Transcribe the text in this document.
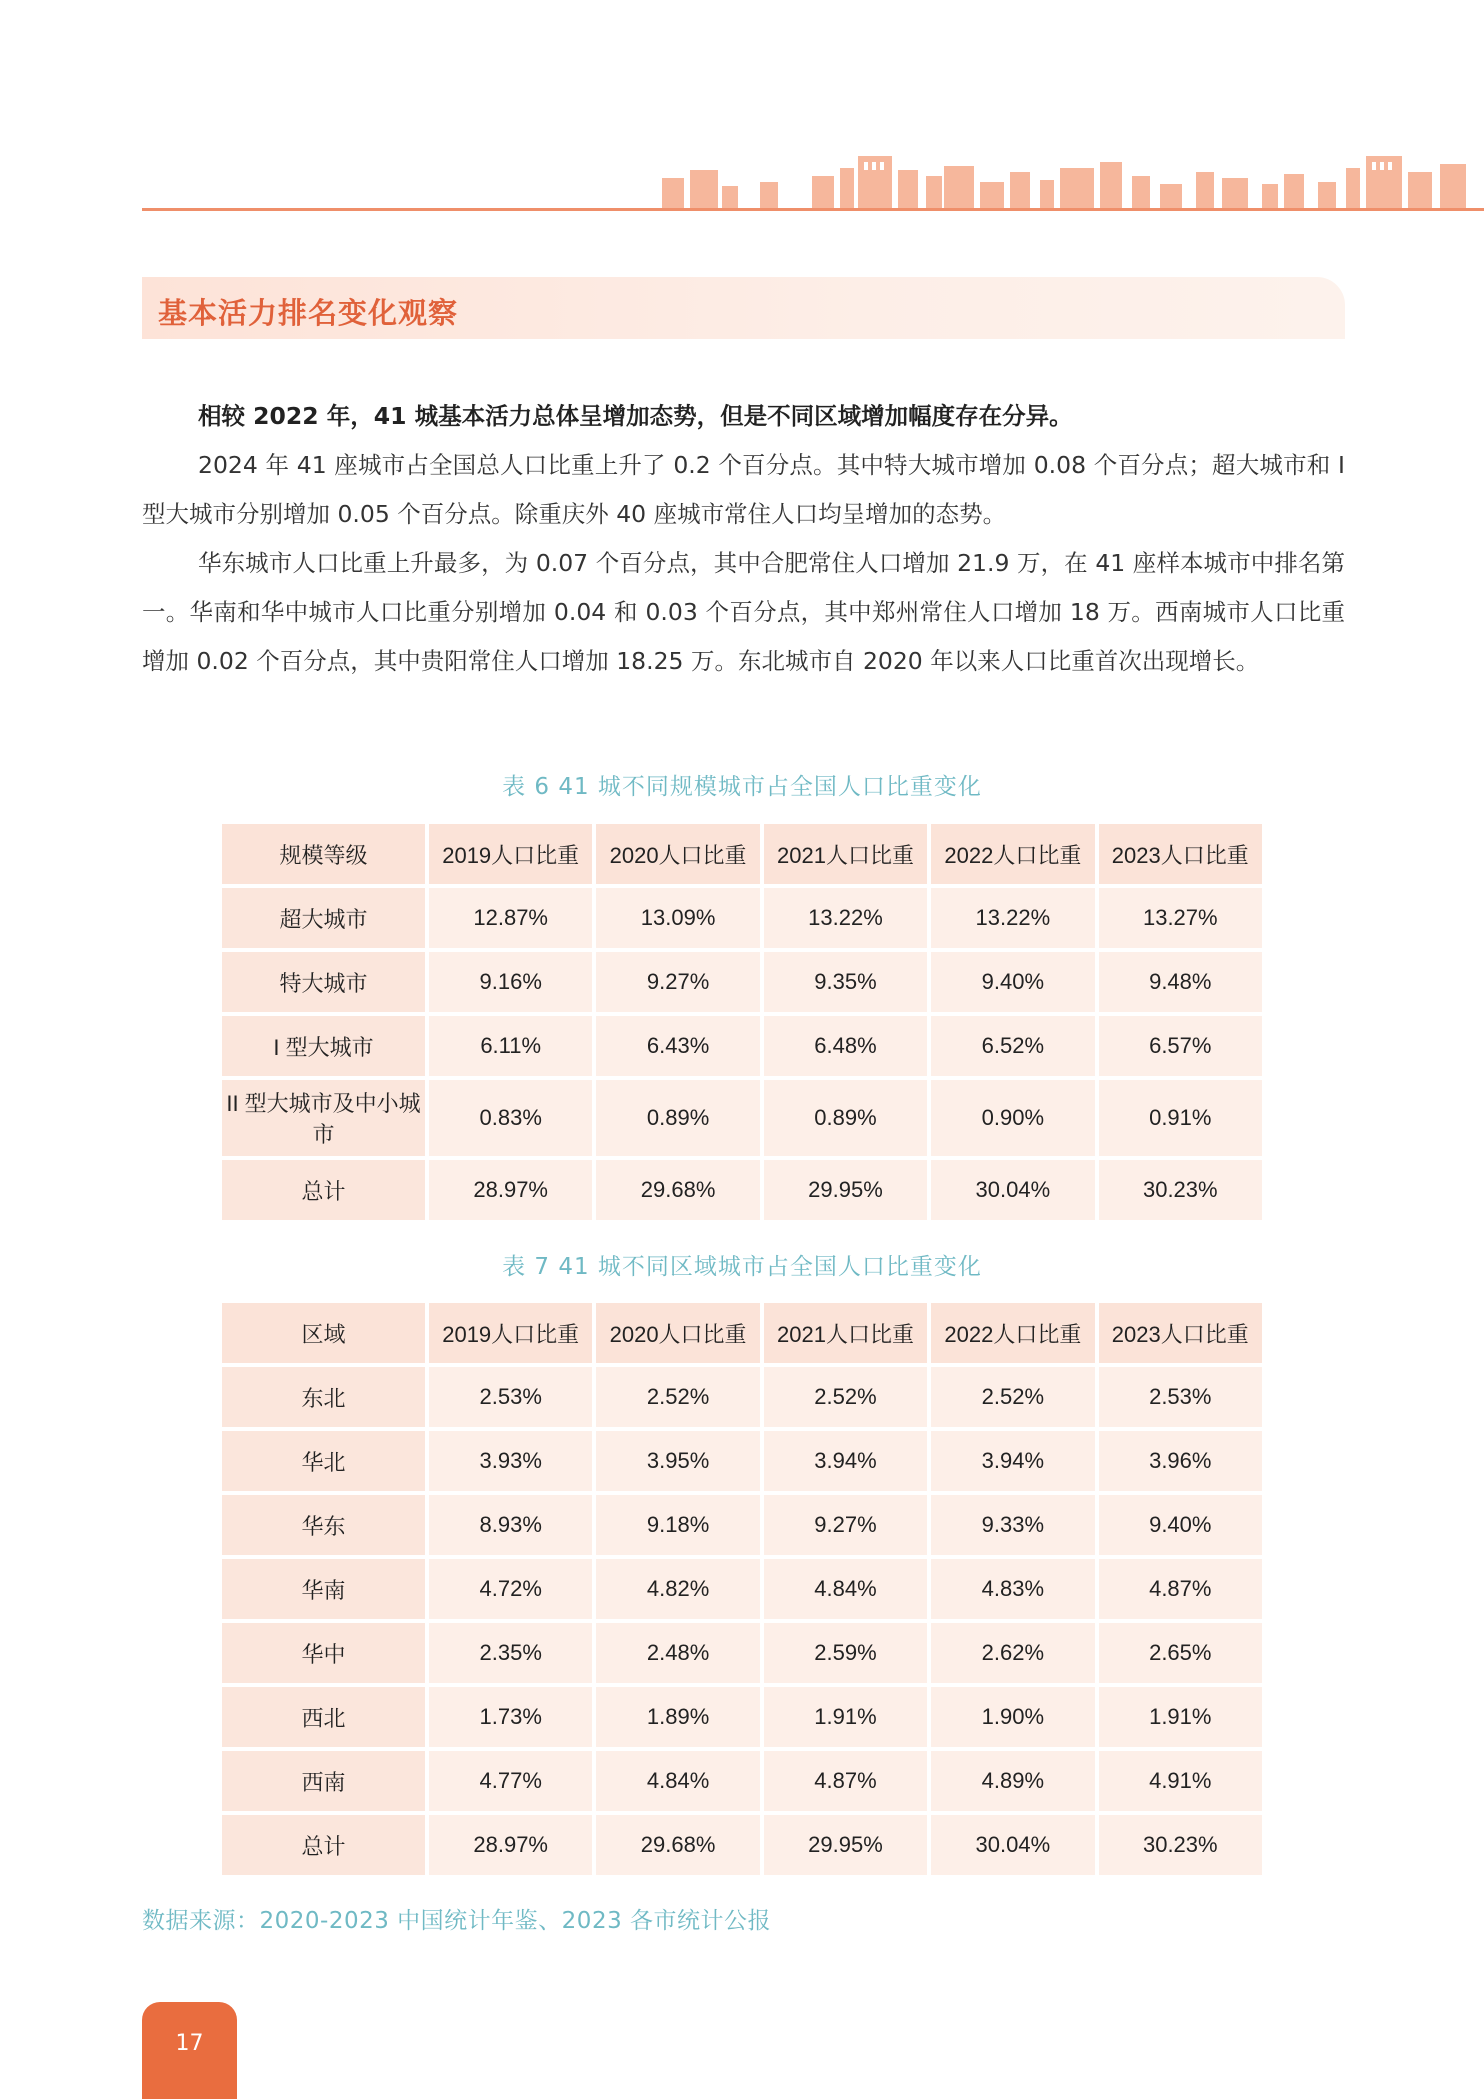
基本活力排名变化观察

相较 2022 年，41 城基本活力总体呈增加态势，但是不同区域增加幅度存在分异。

2024 年 41 座城市占全国总人口比重上升了 0.2 个百分点。其中特大城市增加 0.08 个百分点；超大城市和 I 型大城市分别增加 0.05 个百分点。除重庆外 40 座城市常住人口均呈增加的态势。

华东城市人口比重上升最多，为 0.07 个百分点，其中合肥常住人口增加 21.9 万，在 41 座样本城市中排名第一。华南和华中城市人口比重分别增加 0.04 和 0.03 个百分点，其中郑州常住人口增加 18 万。西南城市人口比重增加 0.02 个百分点，其中贵阳常住人口增加 18.25 万。东北城市自 2020 年以来人口比重首次出现增长。

表 6 41 城不同规模城市占全国人口比重变化
规模等级	2019人口比重	2020人口比重	2021人口比重	2022人口比重	2023人口比重
超大城市	12.87%	13.09%	13.22%	13.22%	13.27%
特大城市	9.16%	9.27%	9.35%	9.40%	9.48%
I 型大城市	6.11%	6.43%	6.48%	6.52%	6.57%
II 型大城市及中小城市	0.83%	0.89%	0.89%	0.90%	0.91%
总计	28.97%	29.68%	29.95%	30.04%	30.23%
表 7 41 城不同区域城市占全国人口比重变化
区域	2019人口比重	2020人口比重	2021人口比重	2022人口比重	2023人口比重
东北	2.53%	2.52%	2.52%	2.52%	2.53%
华北	3.93%	3.95%	3.94%	3.94%	3.96%
华东	8.93%	9.18%	9.27%	9.33%	9.40%
华南	4.72%	4.82%	4.84%	4.83%	4.87%
华中	2.35%	2.48%	2.59%	2.62%	2.65%
西北	1.73%	1.89%	1.91%	1.90%	1.91%
西南	4.77%	4.84%	4.87%	4.89%	4.91%
总计	28.97%	29.68%	29.95%	30.04%	30.23%
数据来源：2020-2023 中国统计年鉴、2023 各市统计公报
17
